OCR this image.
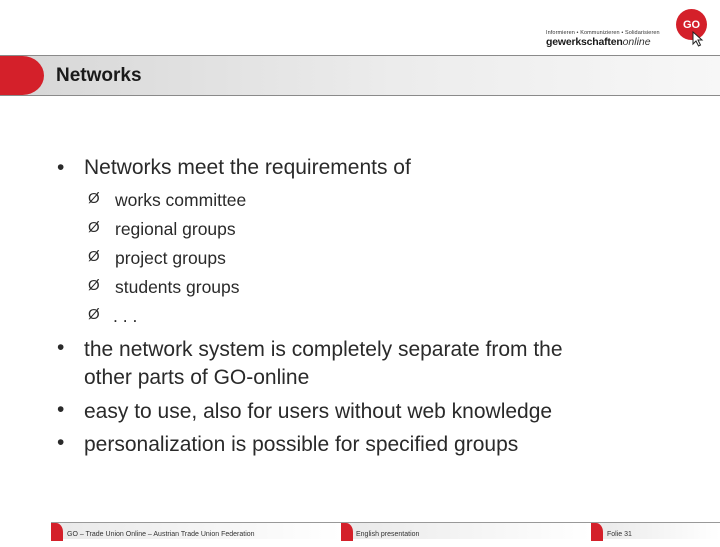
Informieren • Kommunizieren • Solidarisieren
gewerkschaftenonline
GO
Networks
• Networks meet the requirements of
Ø works committee
Ø regional groups
Ø project groups
Ø students groups
Ø . . .
• the network system is completely separate from the
other parts of GO-online
• easy to use, also for users without web knowledge
• personalization is possible for specified groups
GO – Trade Union Online – Austrian Trade Union Federation	English presentation	Folie 31
